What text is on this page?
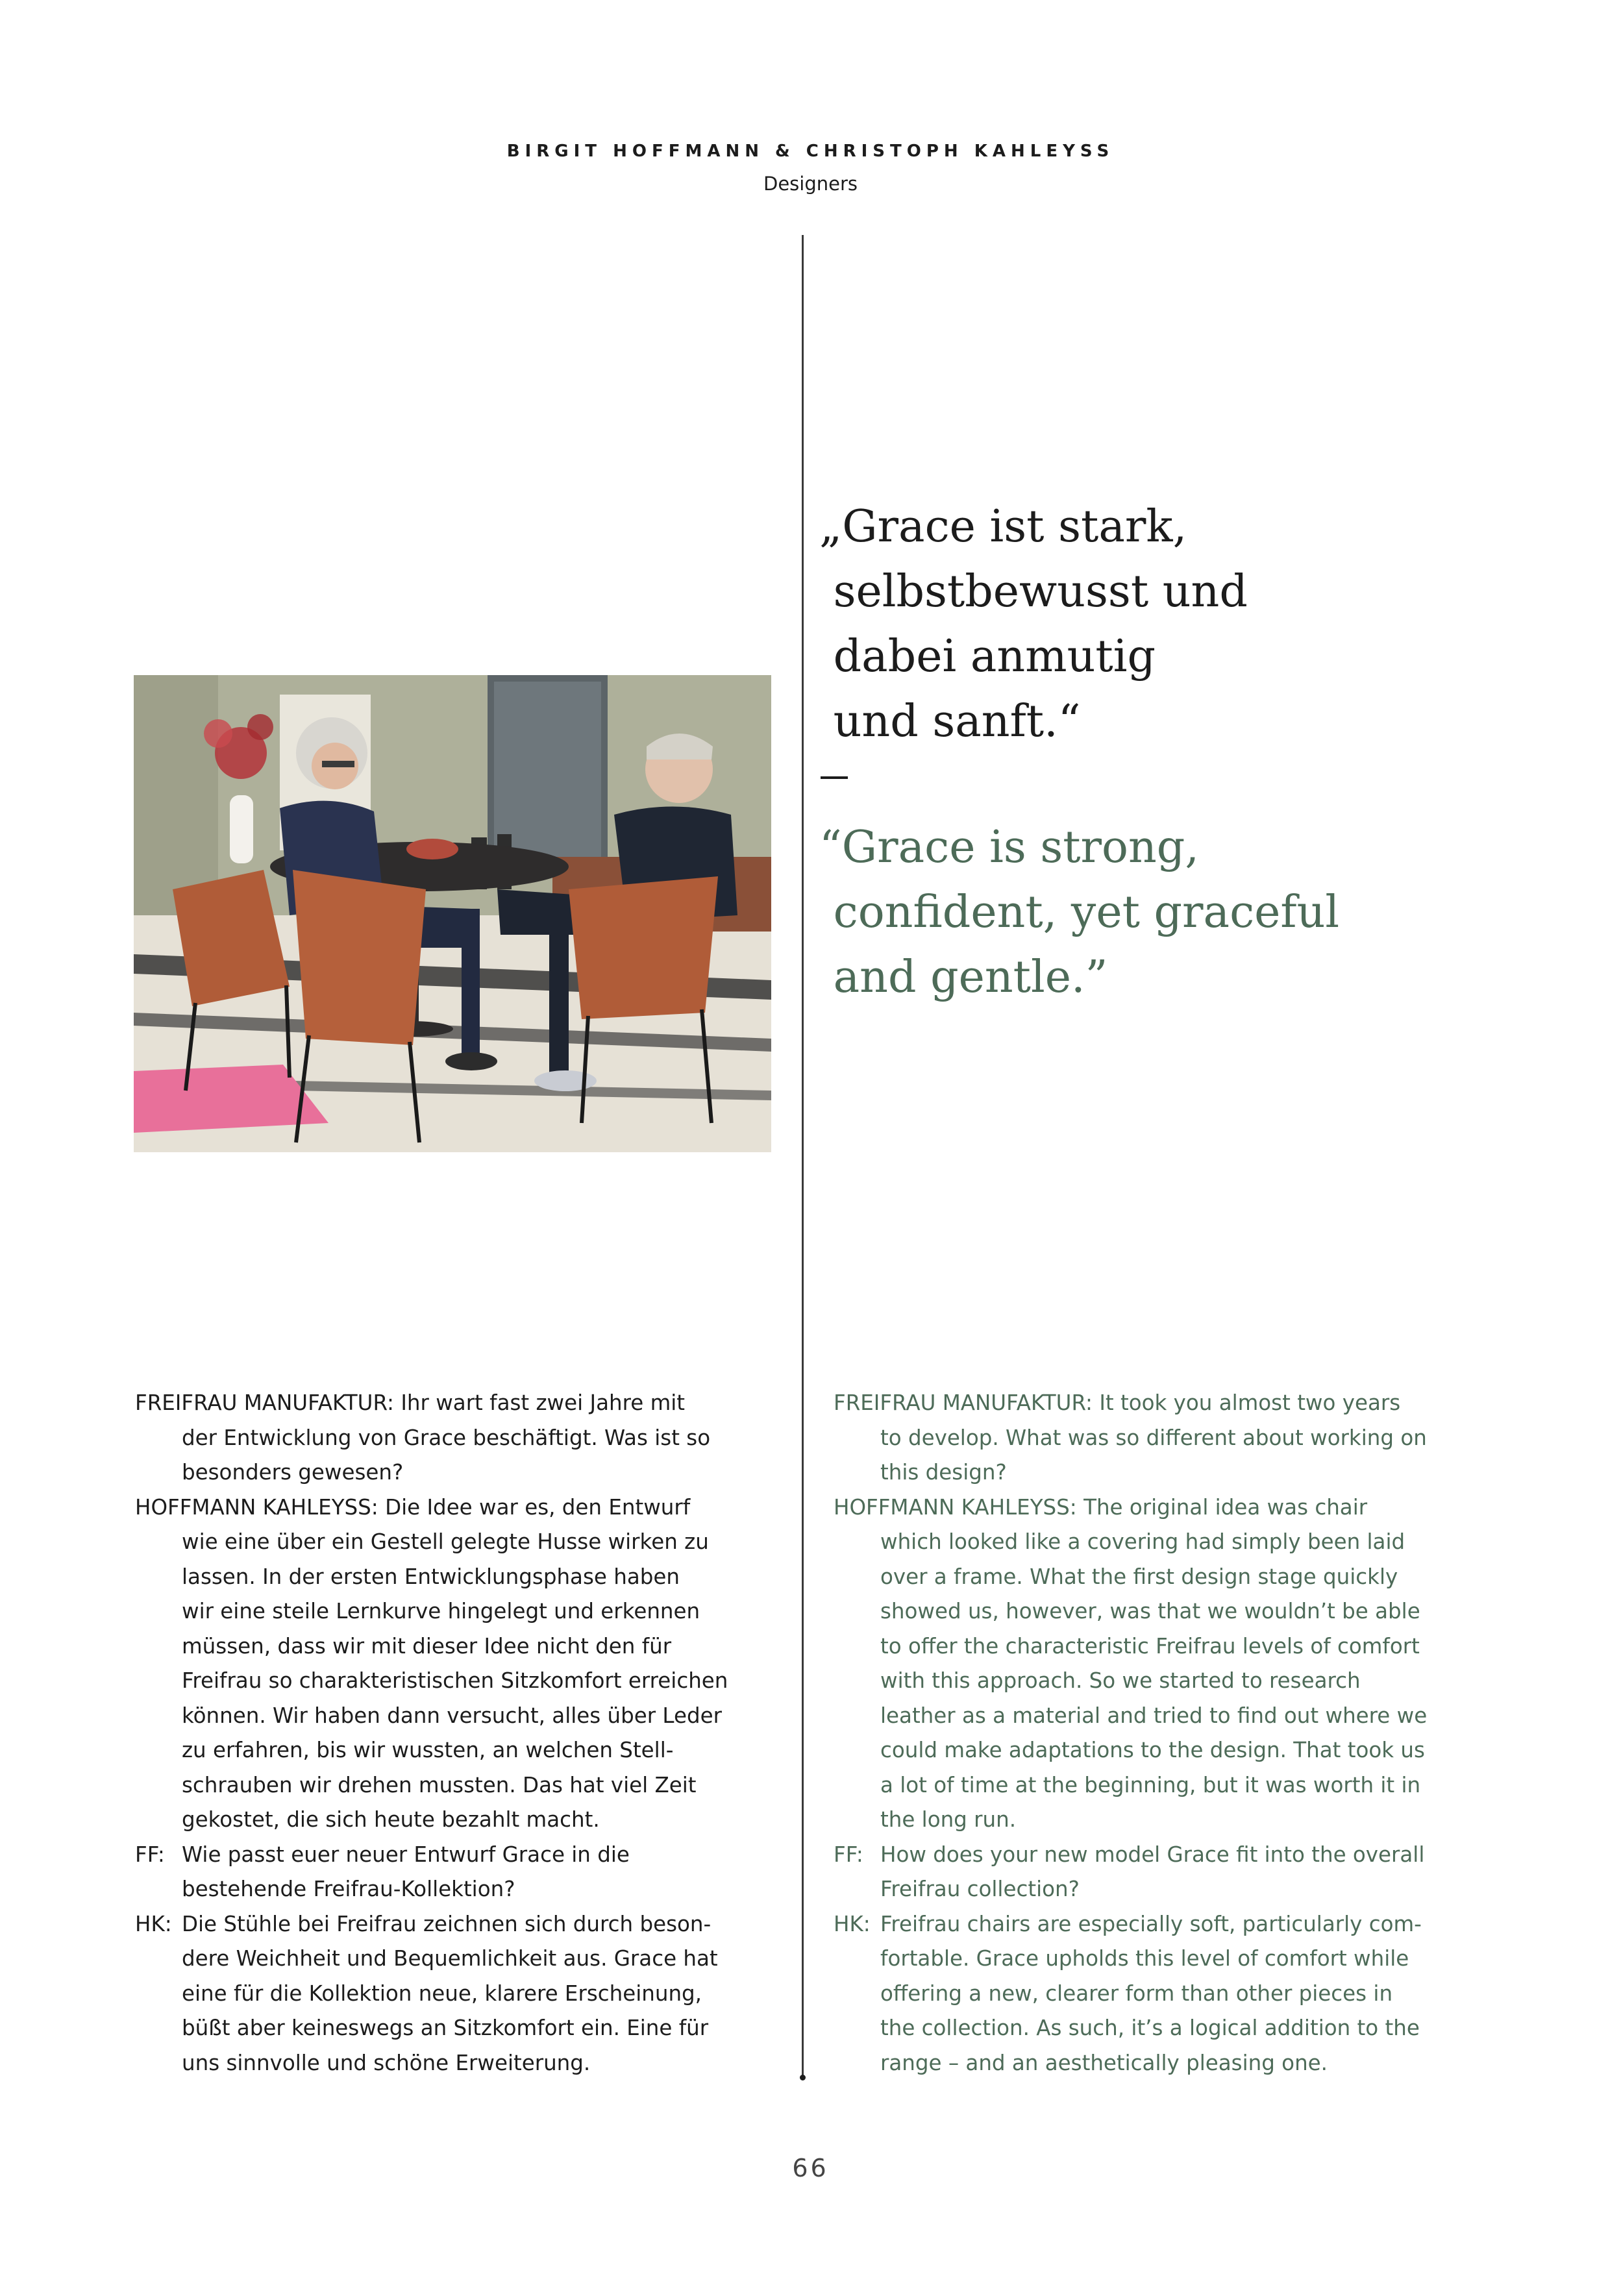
BIRGIT HOFFMANN & CHRISTOPH KAHLEYSS
Designers
„Grace ist stark,
selbstbewusst und
dabei anmutig
und sanft.“
“Grace is strong,
confident, yet graceful
and gentle.”
FREIFRAU MANUFAKTUR: Ihr wart fast zwei Jahre mit
der Entwicklung von Grace beschäftigt. Was ist so
besonders gewesen?
HOFFMANN KAHLEYSS: Die Idee war es, den Entwurf
wie eine über ein Gestell gelegte Husse wirken zu
lassen. In der ersten Entwicklungsphase haben
wir eine steile Lernkurve hingelegt und erkennen
müssen, dass wir mit dieser Idee nicht den für
Freifrau so charakteristischen Sitzkomfort erreichen
können. Wir haben dann versucht, alles über Leder
zu erfahren, bis wir wussten, an welchen Stell-
schrauben wir drehen mussten. Das hat viel Zeit
gekostet, die sich heute bezahlt macht.
FF: Wie passt euer neuer Entwurf Grace in die
bestehende Freifrau-Kollektion?
HK: Die Stühle bei Freifrau zeichnen sich durch beson-
dere Weichheit und Bequemlichkeit aus. Grace hat
eine für die Kollektion neue, klarere Erscheinung,
büßt aber keineswegs an Sitzkomfort ein. Eine für
uns sinnvolle und schöne Erweiterung.
FREIFRAU MANUFAKTUR: It took you almost two years
to develop. What was so different about working on
this design?
HOFFMANN KAHLEYSS: The original idea was chair
which looked like a covering had simply been laid
over a frame. What the first design stage quickly
showed us, however, was that we wouldn’t be able
to offer the characteristic Freifrau levels of comfort
with this approach. So we started to research
leather as a material and tried to find out where we
could make adaptations to the design. That took us
a lot of time at the beginning, but it was worth it in
the long run.
FF: How does your new model Grace fit into the overall
Freifrau collection?
HK: Freifrau chairs are especially soft, particularly com-
fortable. Grace upholds this level of comfort while
offering a new, clearer form than other pieces in
the collection. As such, it’s a logical addition to the
range – and an aesthetically pleasing one.
66
